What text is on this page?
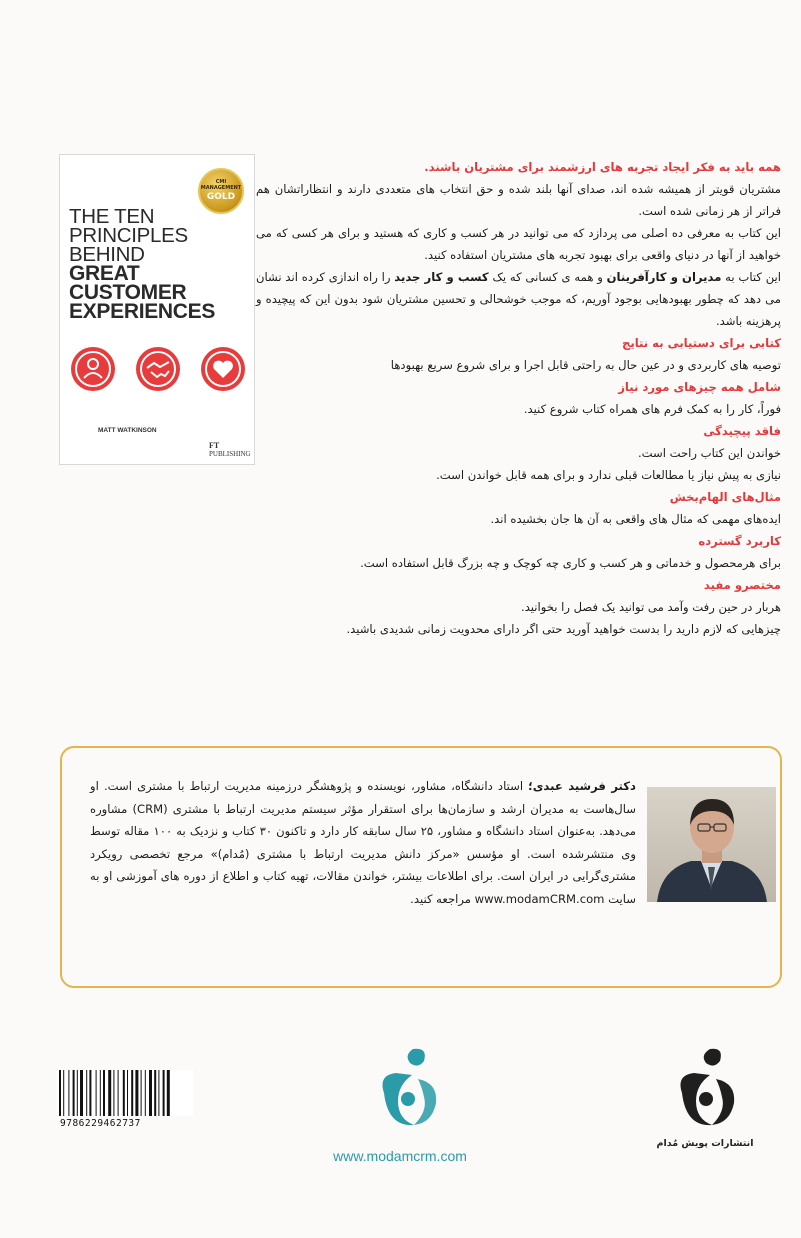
CMI MANAGEMENT
GOLD
THE TEN
PRINCIPLES
BEHIND
GREAT
CUSTOMER
EXPERIENCES
MATT WATKINSON
FT PUBLISHING

همه باید به فکر ایجاد تجربه های ارزشمند برای مشتریان باشند.

مشتریان قویتر از همیشه شده اند، صدای آنها بلند شده و حق انتخاب های متعددی دارند و انتظاراتشان هم فراتر از هر زمانی شده است.

این کتاب به معرفی ده اصلی می پردازد که می توانید در هر کسب و کاری که هستید و برای هر کسی که می خواهید از آنها در دنیای واقعی برای بهبود تجربه های مشتریان استفاده کنید.

این کتاب به مدیران و کارآفرینان و همه ی کسانی که یک کسب و کار جدید را راه اندازی کرده اند نشان می دهد که چطور بهبودهایی بوجود آوریم، که موجب خوشحالی و تحسین مشتریان شود بدون این که پیچیده و پرهزینه باشد.

کتابی برای دستیابی به نتایج

توصیه های کاربردی و در عین حال به راحتی قابل اجرا و برای شروع سریع بهبودها

شامل همه چیزهای مورد نیاز

فوراً، کار را به کمک فرم های همراه کتاب شروع کنید.

فاقد پیچیدگی

خواندن این کتاب راحت است.

نیازی به پیش نیاز یا مطالعات قبلی ندارد و برای همه قابل خواندن است.

مثال‌های الهام‌بخش

ایده‌های مهمی که مثال های واقعی به آن ها جان بخشیده اند.

کاربرد گسترده

برای هرمحصول و خدماتی و هر کسب و کاری چه کوچک و چه بزرگ قابل استفاده است.

مختصرو مفید

هربار در حین رفت وآمد می توانید یک فصل را بخوانید.

چیزهایی که لازم دارید را بدست خواهید آورید حتی اگر دارای محدویت زمانی شدیدی باشید.

دکتر فرشید عبدی؛ استاد دانشگاه، مشاور، نویسنده و پژوهشگر درزمینه مدیریت ارتباط با مشتری است. او سال‌هاست به مدیران ارشد و سازمان‌ها برای استقرار مؤثر سیستم مدیریت ارتباط با مشتری (CRM) مشاوره می‌دهد. به‌عنوان استاد دانشگاه و مشاور، ۲۵ سال سابقه کار دارد و تاکنون ۳۰ کتاب و نزدیک به ۱۰۰ مقاله توسط وی منتشرشده است. او مؤسس «مرکز دانش مدیریت ارتباط با مشتری (مُدام)» مرجع تخصصی رویکرد مشتری‌گرایی در ایران است. برای اطلاعات بیشتر، خواندن مقالات، تهیه کتاب و اطلاع از دوره های آموزشی او به سایت www.modamCRM.com مراجعه کنید.

9786229462737
www.modamcrm.com
انتشارات پویش مُدام
